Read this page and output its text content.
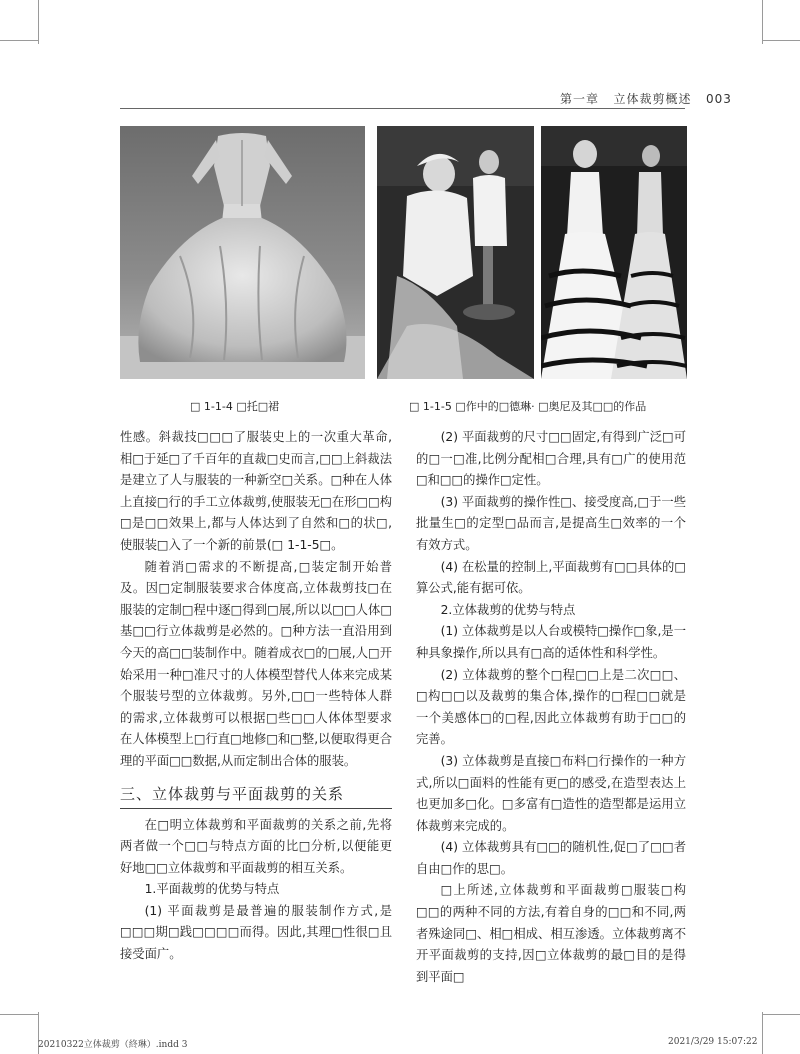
第一章 立体裁剪概述 003
□ 1-1-4 □托□裙	□ 1-1-5 □作中的□德琳· □奥尼及其□□的作品

性感。斜裁技□□□了服装史上的一次重大革命,相□于延□了千百年的直裁□史而言,□□上斜裁法是建立了人与服装的一种新空□关系。□种在人体上直接□行的手工立体裁剪,使服装无□在形□□构□是□□效果上,都与人体达到了自然和□的状□,使服装□入了一个新的前景(□ 1-1-5□。

随着消□需求的不断提高,□装定制开始普及。因□定制服装要求合体度高,立体裁剪技□在服装的定制□程中逐□得到□展,所以以□□人体□基□□行立体裁剪是必然的。□种方法一直沿用到今天的高□□装制作中。随着成衣□的□展,人□开始采用一种□准尺寸的人体模型替代人体来完成某个服装号型的立体裁剪。另外,□□一些特体人群的需求,立体裁剪可以根据□些□□人体体型要求在人体模型上□行直□地修□和□整,以便取得更合理的平面□□数据,从而定制出合体的服装。

三、立体裁剪与平面裁剪的关系

在□明立体裁剪和平面裁剪的关系之前,先将两者做一个□□与特点方面的比□分析,以便能更好地□□立体裁剪和平面裁剪的相互关系。

1.平面裁剪的优势与特点

(1) 平面裁剪是最普遍的服装制作方式,是□□□期□践□□□□而得。因此,其理□性很□且接受面广。

(2) 平面裁剪的尺寸□□固定,有得到广泛□可的□一□准,比例分配相□合理,具有□广的使用范□和□□的操作□定性。

(3) 平面裁剪的操作性□、接受度高,□于一些批量生□的定型□品而言,是提高生□效率的一个有效方式。

(4) 在松量的控制上,平面裁剪有□□具体的□算公式,能有据可依。

2.立体裁剪的优势与特点

(1) 立体裁剪是以人台或模特□操作□象,是一种具象操作,所以具有□高的适体性和科学性。

(2) 立体裁剪的整个□程□□上是二次□□、□构□□以及裁剪的集合体,操作的□程□□就是一个美感体□的□程,因此立体裁剪有助于□□的完善。

(3) 立体裁剪是直接□布料□行操作的一种方式,所以□面料的性能有更□的感受,在造型表达上也更加多□化。□多富有□造性的造型都是运用立体裁剪来完成的。

(4) 立体裁剪具有□□的随机性,促□了□□者自由□作的思□。

□上所述,立体裁剪和平面裁剪□服装□构□□的两种不同的方法,有着自身的□□和不同,两者殊途同□、相□相成、相互渗透。立体裁剪离不开平面裁剪的支持,因□立体裁剪的最□目的是得到平面□

20210322立体裁剪（終琳）.indd 3	2021/3/29 15:07:22
